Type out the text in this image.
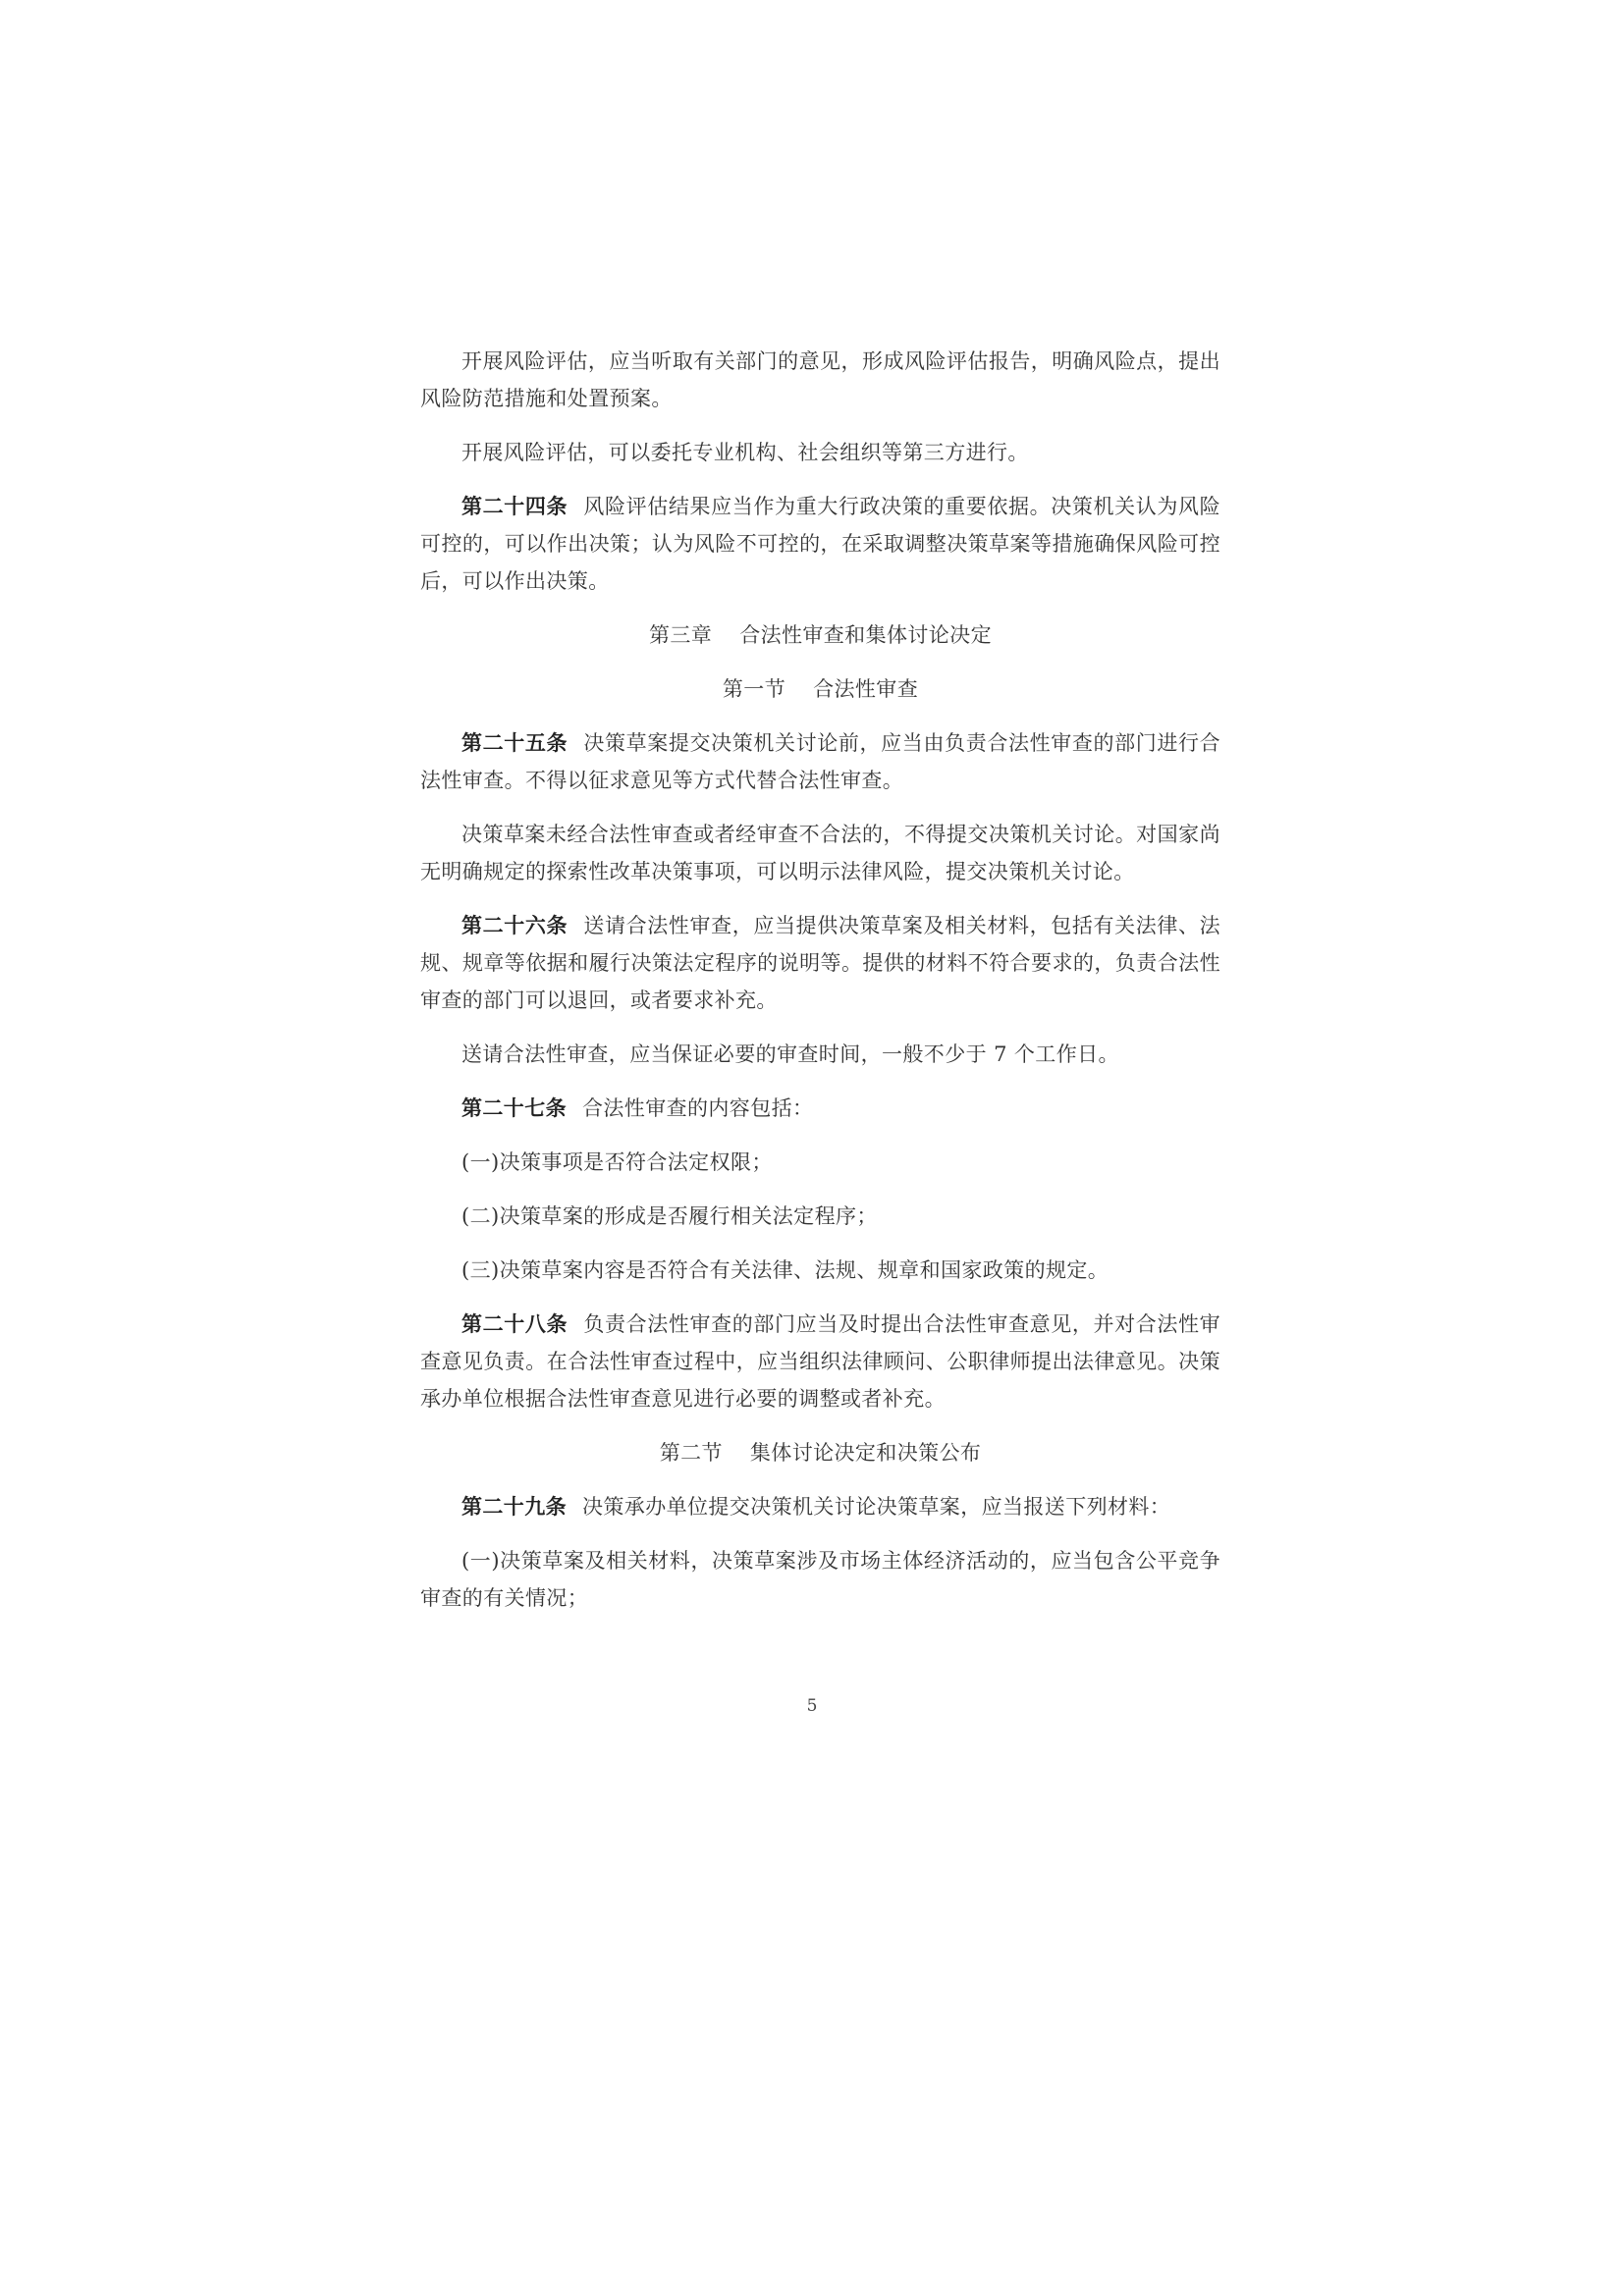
开展风险评估，应当听取有关部门的意见，形成风险评估报告，明确风险点，提出风险防范措施和处置预案。

开展风险评估，可以委托专业机构、社会组织等第三方进行。

第二十四条 风险评估结果应当作为重大行政决策的重要依据。决策机关认为风险可控的，可以作出决策；认为风险不可控的，在采取调整决策草案等措施确保风险可控后，可以作出决策。

第三章 合法性审查和集体讨论决定
第一节 合法性审查

第二十五条 决策草案提交决策机关讨论前，应当由负责合法性审查的部门进行合法性审查。不得以征求意见等方式代替合法性审查。

决策草案未经合法性审查或者经审查不合法的，不得提交决策机关讨论。对国家尚无明确规定的探索性改革决策事项，可以明示法律风险，提交决策机关讨论。

第二十六条 送请合法性审查，应当提供决策草案及相关材料，包括有关法律、法规、规章等依据和履行决策法定程序的说明等。提供的材料不符合要求的，负责合法性审查的部门可以退回，或者要求补充。

送请合法性审查，应当保证必要的审查时间，一般不少于 7 个工作日。

第二十七条 合法性审查的内容包括：

(一)决策事项是否符合法定权限；

(二)决策草案的形成是否履行相关法定程序；

(三)决策草案内容是否符合有关法律、法规、规章和国家政策的规定。

第二十八条 负责合法性审查的部门应当及时提出合法性审查意见，并对合法性审查意见负责。在合法性审查过程中，应当组织法律顾问、公职律师提出法律意见。决策承办单位根据合法性审查意见进行必要的调整或者补充。

第二节 集体讨论决定和决策公布

第二十九条 决策承办单位提交决策机关讨论决策草案，应当报送下列材料：

(一)决策草案及相关材料，决策草案涉及市场主体经济活动的，应当包含公平竞争审查的有关情况；

5
